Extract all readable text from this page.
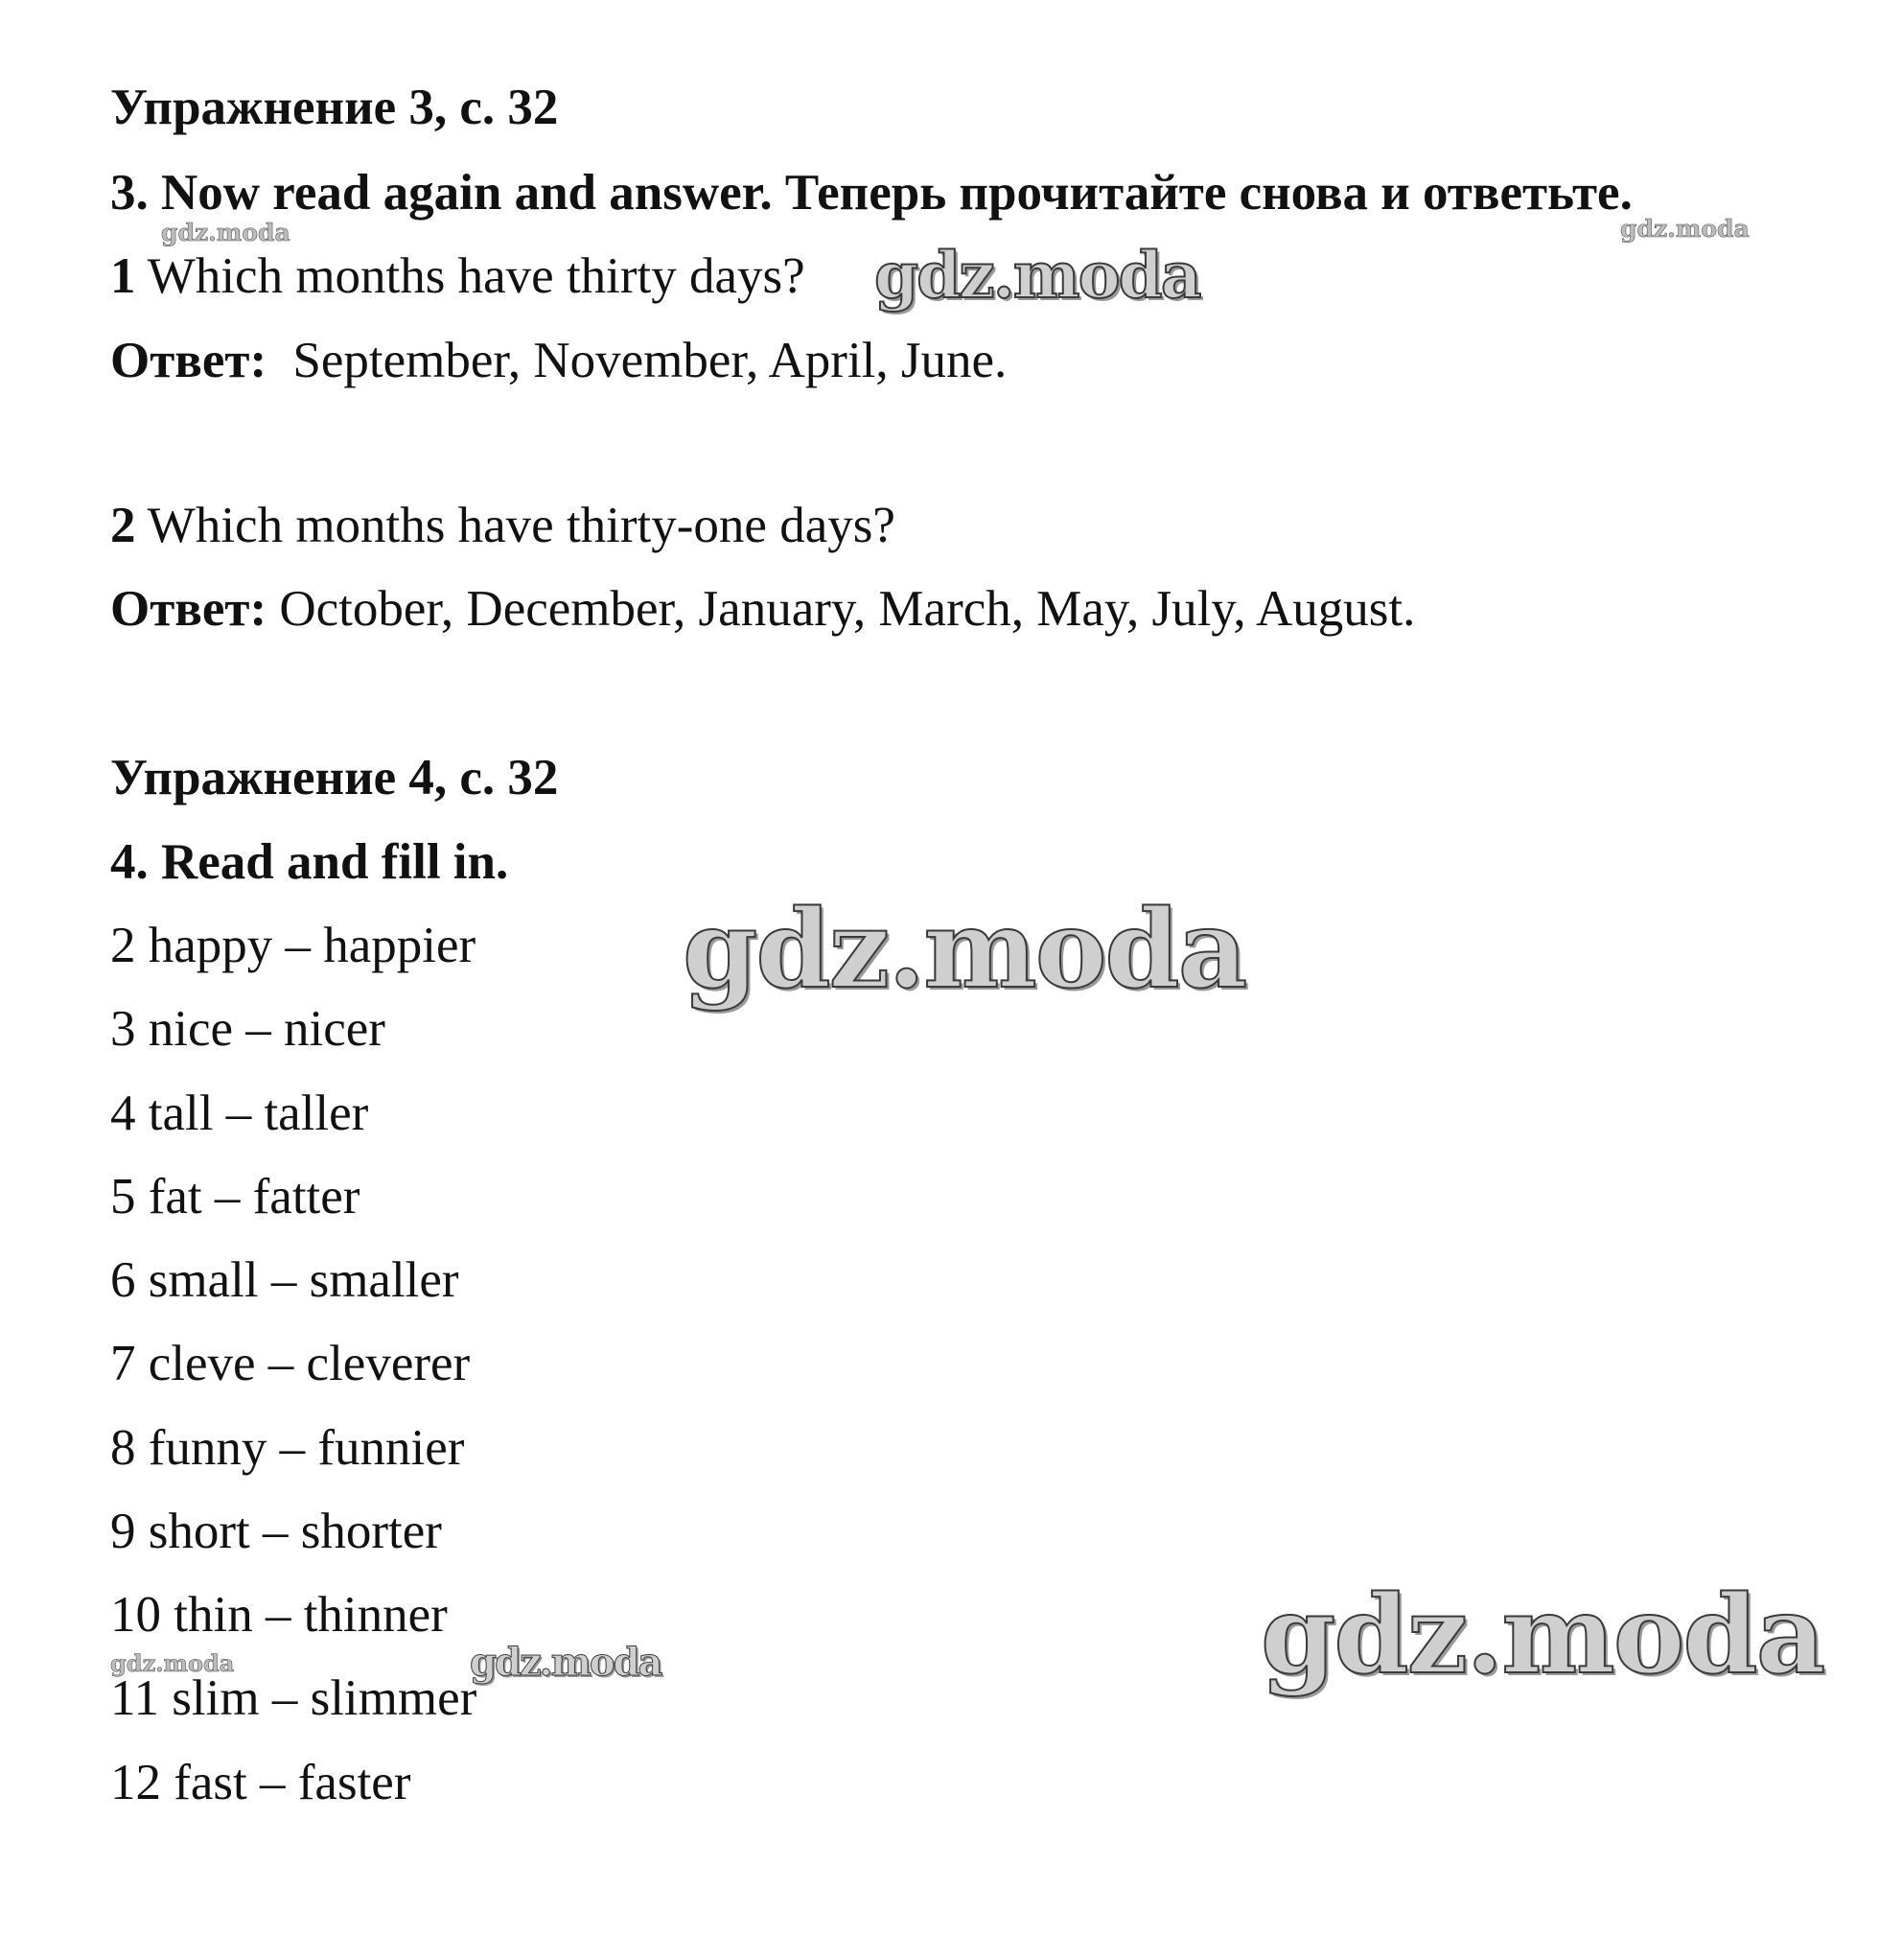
Упражнение 3, с. 32
3. Now read again and answer. Теперь прочитайте снова и ответьте.
1 Which months have thirty days?
Ответ: September, November, April, June.
2 Which months have thirty-one days?
Ответ: October, December, January, March, May, July, August.
Упражнение 4, с. 32
4. Read and fill in.
2 happy – happier
3 nice – nicer
4 tall – taller
5 fat – fatter
6 small – smaller
7 cleve – cleverer
8 funny – funnier
9 short – shorter
10 thin – thinner
11 slim – slimmer
12 fast – faster
gdz.moda	gdz.moda
gdz.moda
gdz.moda
gdz.moda
gdz.moda	gdz.moda
